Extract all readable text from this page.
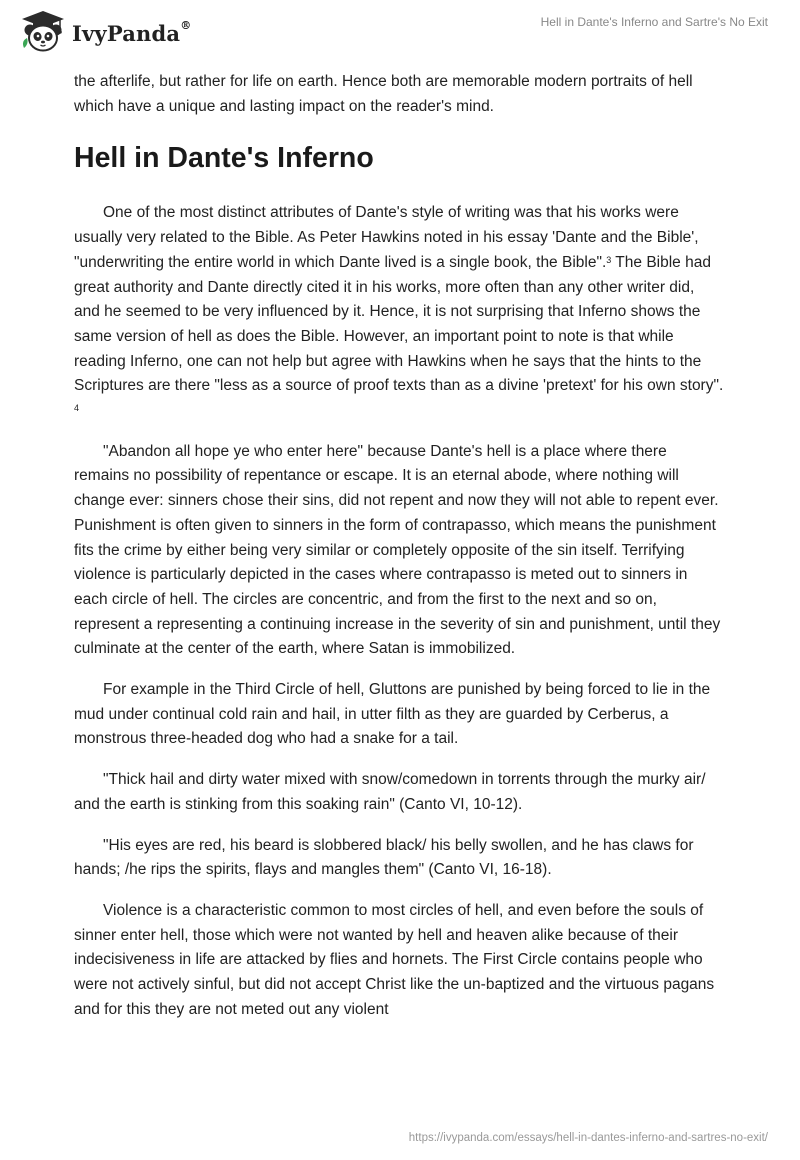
IvyPanda®	Hell in Dante's Inferno and Sartre's No Exit

the afterlife, but rather for life on earth. Hence both are memorable modern portraits of hell which have a unique and lasting impact on the reader's mind.

Hell in Dante's Inferno

One of the most distinct attributes of Dante's style of writing was that his works were usually very related to the Bible. As Peter Hawkins noted in his essay 'Dante and the Bible', "underwriting the entire world in which Dante lived is a single book, the Bible".$^3$ The Bible had great authority and Dante directly cited it in his works, more often than any other writer did, and he seemed to be very influenced by it. Hence, it is not surprising that Inferno shows the same version of hell as does the Bible. However, an important point to note is that while reading Inferno, one can not help but agree with Hawkins when he says that the hints to the Scriptures are there "less as a source of proof texts than as a divine 'pretext' for his own story". $^4$

"Abandon all hope ye who enter here" because Dante's hell is a place where there remains no possibility of repentance or escape. It is an eternal abode, where nothing will change ever: sinners chose their sins, did not repent and now they will not able to repent ever. Punishment is often given to sinners in the form of contrapasso, which means the punishment fits the crime by either being very similar or completely opposite of the sin itself. Terrifying violence is particularly depicted in the cases where contrapasso is meted out to sinners in each circle of hell. The circles are concentric, and from the first to the next and so on, represent a representing a continuing increase in the severity of sin and punishment, until they culminate at the center of the earth, where Satan is immobilized.

For example in the Third Circle of hell, Gluttons are punished by being forced to lie in the mud under continual cold rain and hail, in utter filth as they are guarded by Cerberus, a monstrous three-headed dog who had a snake for a tail.

"Thick hail and dirty water mixed with snow/comedown in torrents through the murky air/ and the earth is stinking from this soaking rain" (Canto VI, 10-12).

"His eyes are red, his beard is slobbered black/ his belly swollen, and he has claws for hands; /he rips the spirits, flays and mangles them" (Canto VI, 16-18).

Violence is a characteristic common to most circles of hell, and even before the souls of sinner enter hell, those which were not wanted by hell and heaven alike because of their indecisiveness in life are attacked by flies and hornets. The First Circle contains people who were not actively sinful, but did not accept Christ like the un-baptized and the virtuous pagans and for this they are not meted out any violent

https://ivypanda.com/essays/hell-in-dantes-inferno-and-sartres-no-exit/
